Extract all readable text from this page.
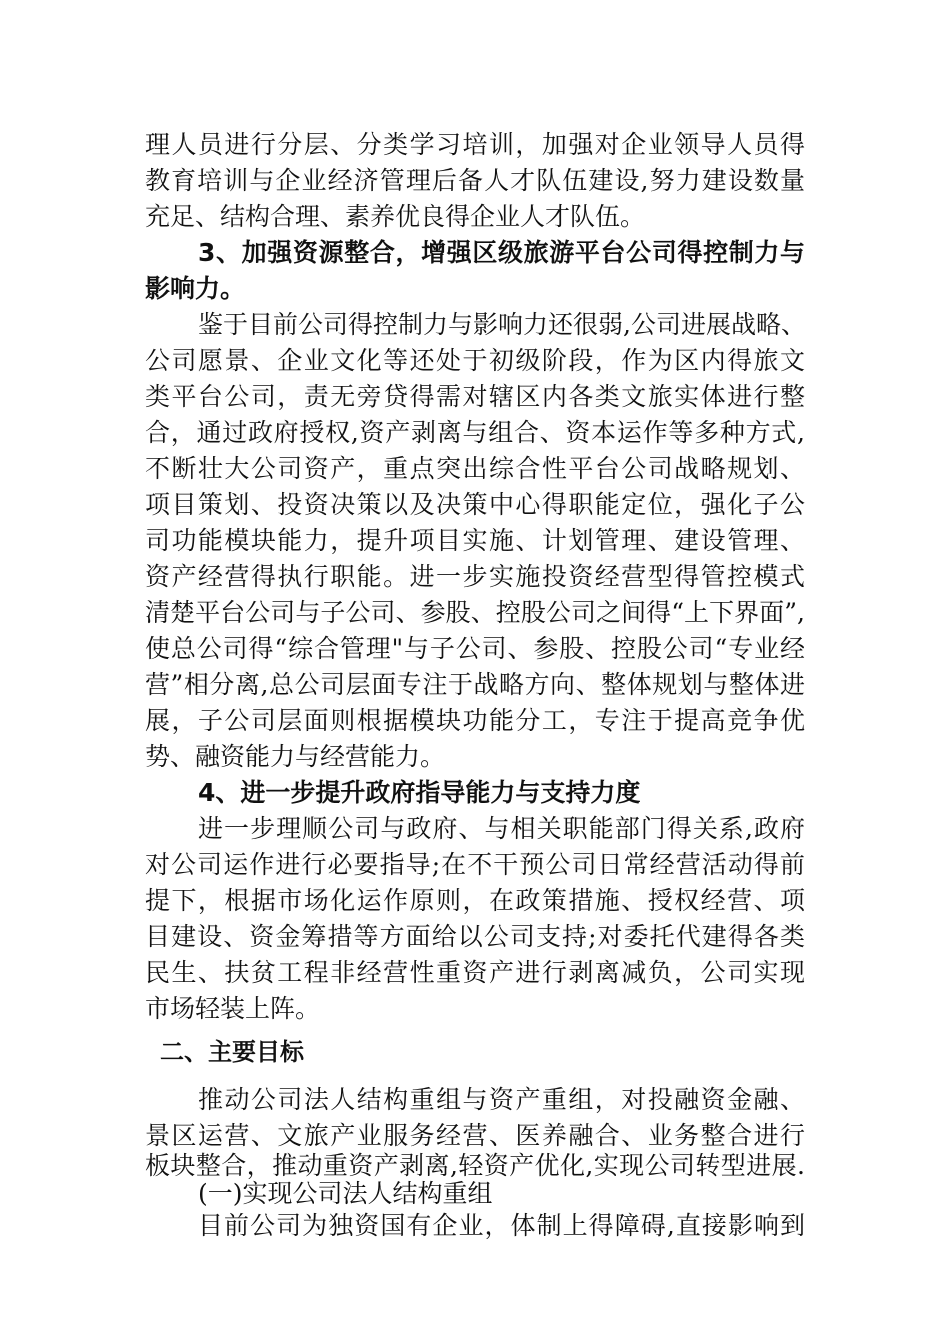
理人员进行分层、分类学习培训，加强对企业领导人员得
教育培训与企业经济管理后备人才队伍建设,努力建设数量
充足、结构合理、素养优良得企业人才队伍。
3、加强资源整合，增强区级旅游平台公司得控制力与
影响力。
鉴于目前公司得控制力与影响力还很弱,公司进展战略、
公司愿景、企业文化等还处于初级阶段，作为区内得旅文
类平台公司，责无旁贷得需对辖区内各类文旅实体进行整
合，通过政府授权,资产剥离与组合、资本运作等多种方式,
不断壮大公司资产，重点突出综合性平台公司战略规划、
项目策划、投资决策以及决策中心得职能定位，强化子公
司功能模块能力，提升项目实施、计划管理、建设管理、
资产经营得执行职能。进一步实施投资经营型得管控模式
清楚平台公司与子公司、参股、控股公司之间得“上下界面”,
使总公司得“综合管理"与子公司、参股、控股公司“专业经
营”相分离,总公司层面专注于战略方向、整体规划与整体进
展，子公司层面则根据模块功能分工，专注于提高竞争优
势、融资能力与经营能力。
4、进一步提升政府指导能力与支持力度
进一步理顺公司与政府、与相关职能部门得关系,政府
对公司运作进行必要指导;在不干预公司日常经营活动得前
提下，根据市场化运作原则，在政策措施、授权经营、项
目建设、资金筹措等方面给以公司支持;对委托代建得各类
民生、扶贫工程非经营性重资产进行剥离减负，公司实现
市场轻装上阵。
二、主要目标
推动公司法人结构重组与资产重组，对投融资金融、
景区运营、文旅产业服务经营、医养融合、业务整合进行
板块整合，推动重资产剥离,轻资产优化,实现公司转型进展.
(一)实现公司法人结构重组
目前公司为独资国有企业，体制上得障碍,直接影响到
